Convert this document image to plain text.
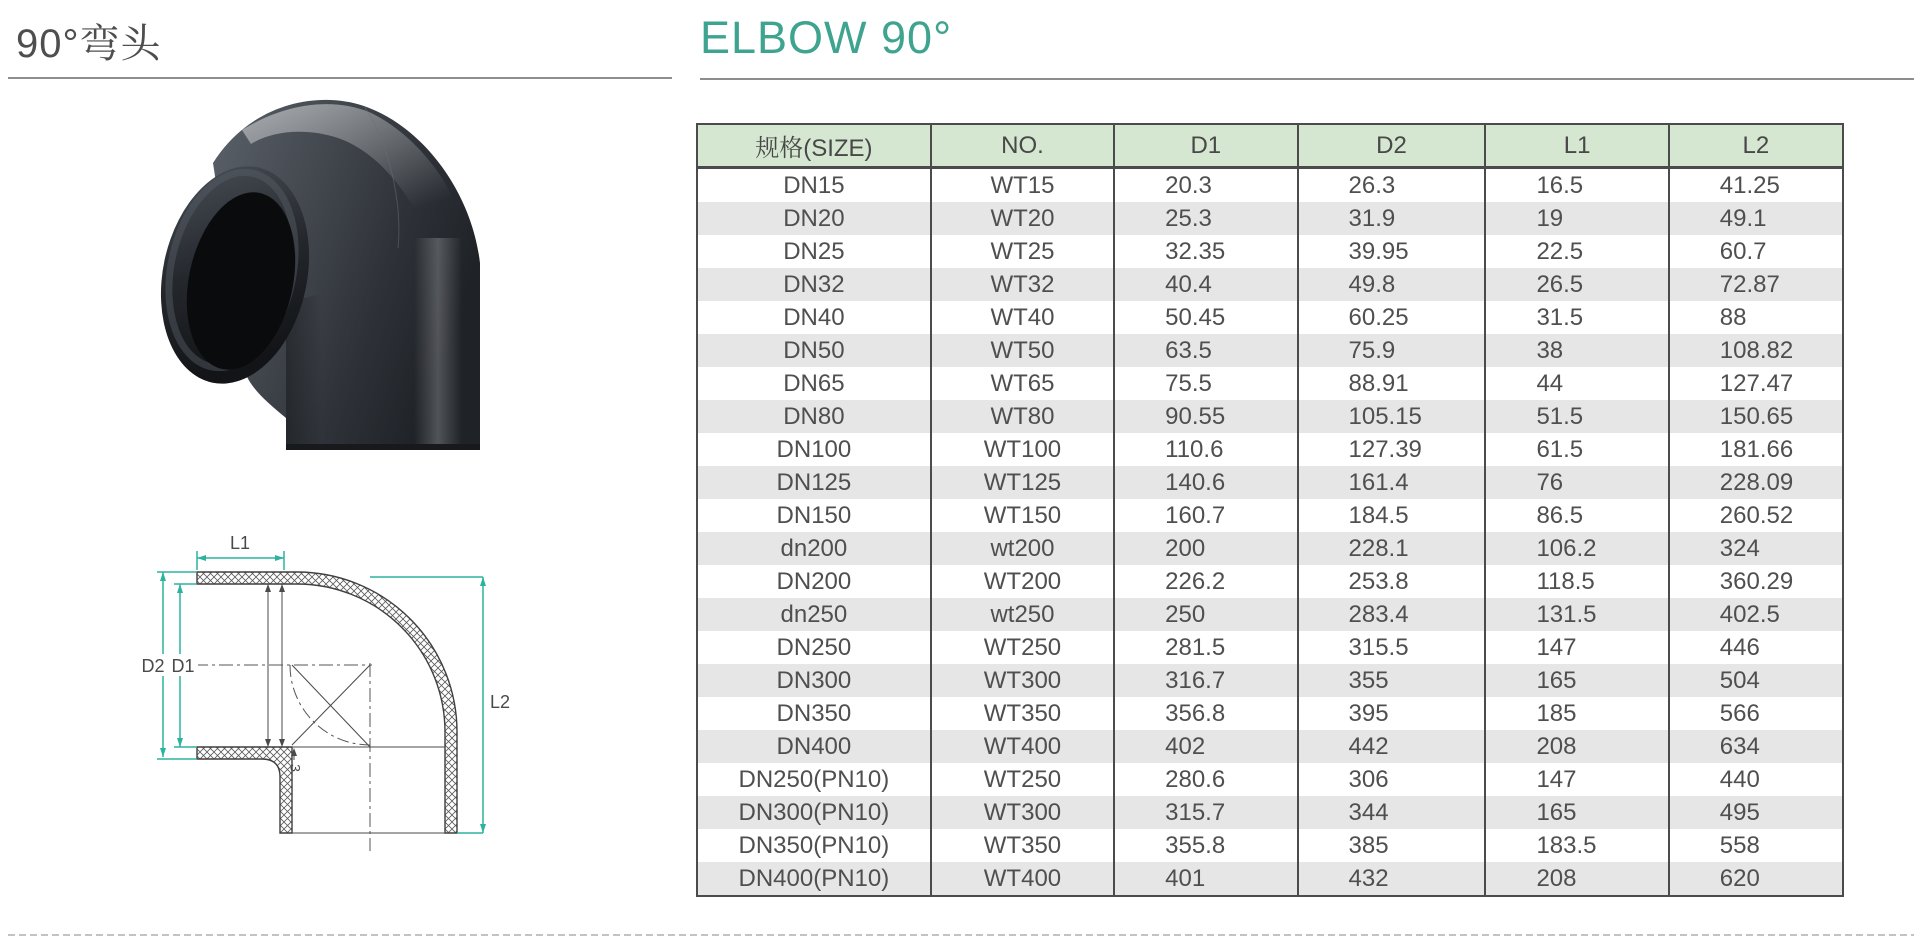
90°弯头	ELBOW 90°
3
L1
D2 D1
L2
规格(SIZE)	NO.	D1	D2	L1	L2
DN15	WT15	20.3	26.3	16.5	41.25
DN20	WT20	25.3	31.9	19	49.1
DN25	WT25	32.35	39.95	22.5	60.7
DN32	WT32	40.4	49.8	26.5	72.87
DN40	WT40	50.45	60.25	31.5	88
DN50	WT50	63.5	75.9	38	108.82
DN65	WT65	75.5	88.91	44	127.47
DN80	WT80	90.55	105.15	51.5	150.65
DN100	WT100	110.6	127.39	61.5	181.66
DN125	WT125	140.6	161.4	76	228.09
DN150	WT150	160.7	184.5	86.5	260.52
dn200	wt200	200	228.1	106.2	324
DN200	WT200	226.2	253.8	118.5	360.29
dn250	wt250	250	283.4	131.5	402.5
DN250	WT250	281.5	315.5	147	446
DN300	WT300	316.7	355	165	504
DN350	WT350	356.8	395	185	566
DN400	WT400	402	442	208	634
DN250(PN10)	WT250	280.6	306	147	440
DN300(PN10)	WT300	315.7	344	165	495
DN350(PN10)	WT350	355.8	385	183.5	558
DN400(PN10)	WT400	401	432	208	620
